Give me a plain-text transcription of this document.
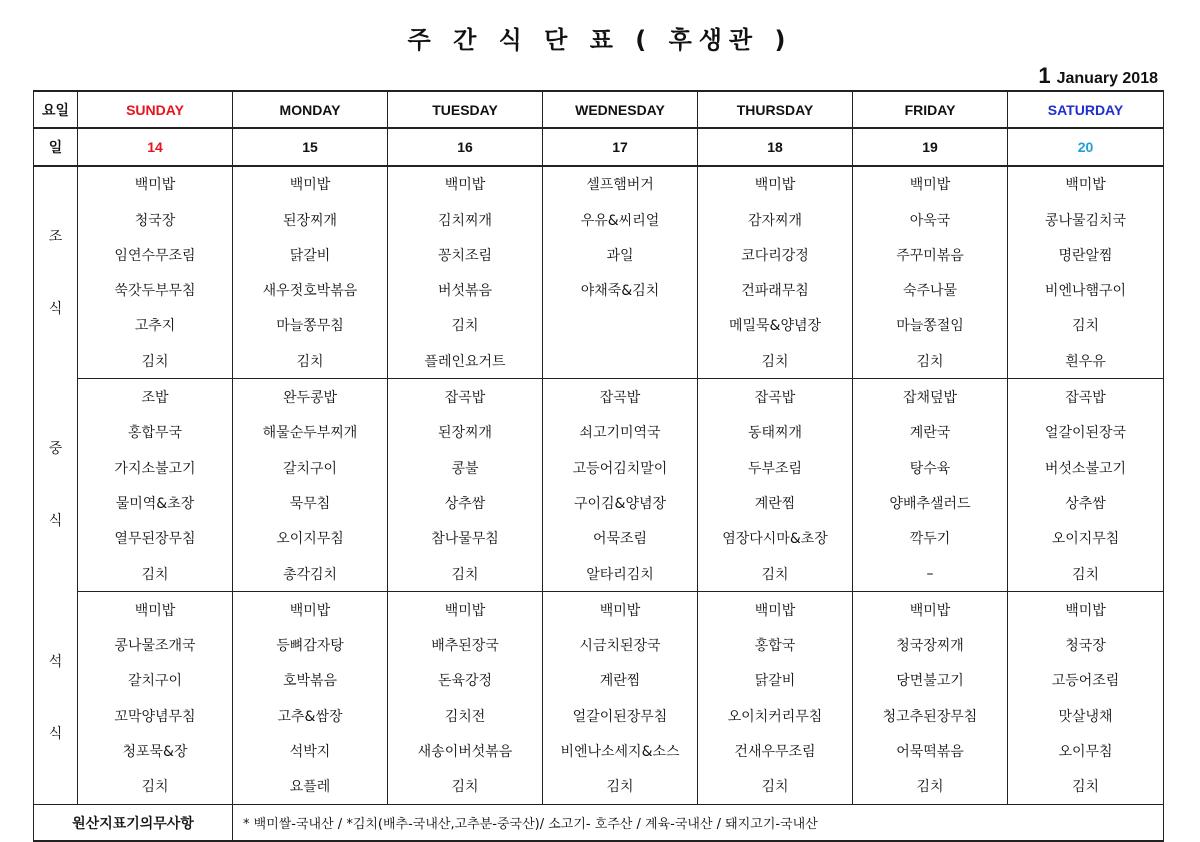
주 간 식 단 표 ( 후생관 )
1 January 2018
요일	SUNDAY	MONDAY	TUESDAY	WEDNESDAY	THURSDAY	FRIDAY	SATURDAY
일	14	15	16	17	18	19	20
조

식	백미밥	백미밥	백미밥	셀프햄버거	백미밥	백미밥	백미밥
	청국장	된장찌개	김치찌개	우유&씨리얼	감자찌개	아욱국	콩나물김치국
	임연수무조림	닭갈비	꽁치조림	과일	코다리강정	주꾸미볶음	명란알찜
	쑥갓두부무침	새우젓호박볶음	버섯볶음	야채죽&김치	건파래무침	숙주나물	비엔나햄구이
	고추지	마늘쫑무침	김치		메밀묵&양념장	마늘쫑절임	김치
	김치	김치	플레인요거트		김치	김치	흰우유
중

식	조밥	완두콩밥	잡곡밥	잡곡밥	잡곡밥	잡채덮밥	잡곡밥
	홍합무국	해물순두부찌개	된장찌개	쇠고기미역국	동태찌개	계란국	얼갈이된장국
	가지소불고기	갈치구이	콩불	고등어김치말이	두부조림	탕수육	버섯소불고기
	물미역&초장	묵무침	상추쌈	구이김&양념장	계란찜	양배추샐러드	상추쌈
	열무된장무침	오이지무침	참나물무침	어묵조림	염장다시마&초장	깍두기	오이지무침
	김치	총각김치	김치	알타리김치	김치	–	김치
석

식	백미밥	백미밥	백미밥	백미밥	백미밥	백미밥	백미밥
	콩나물조개국	등뼈감자탕	배추된장국	시금치된장국	홍합국	청국장찌개	청국장
	갈치구이	호박볶음	돈육강정	계란찜	닭갈비	당면불고기	고등어조림
	꼬막양념무침	고추&쌈장	김치전	얼갈이된장무침	오이치커리무침	청고추된장무침	맛살냉채
	청포묵&장	석박지	새송이버섯볶음	비엔나소세지&소스	건새우무조림	어묵떡볶음	오이무침
	김치	요플레	김치	김치	김치	김치	김치
원산지표기의무사항		* 백미쌀-국내산 / *김치(배추-국내산,고추분-중국산)/ 소고기- 호주산 / 계육-국내산 / 돼지고기-국내산					
